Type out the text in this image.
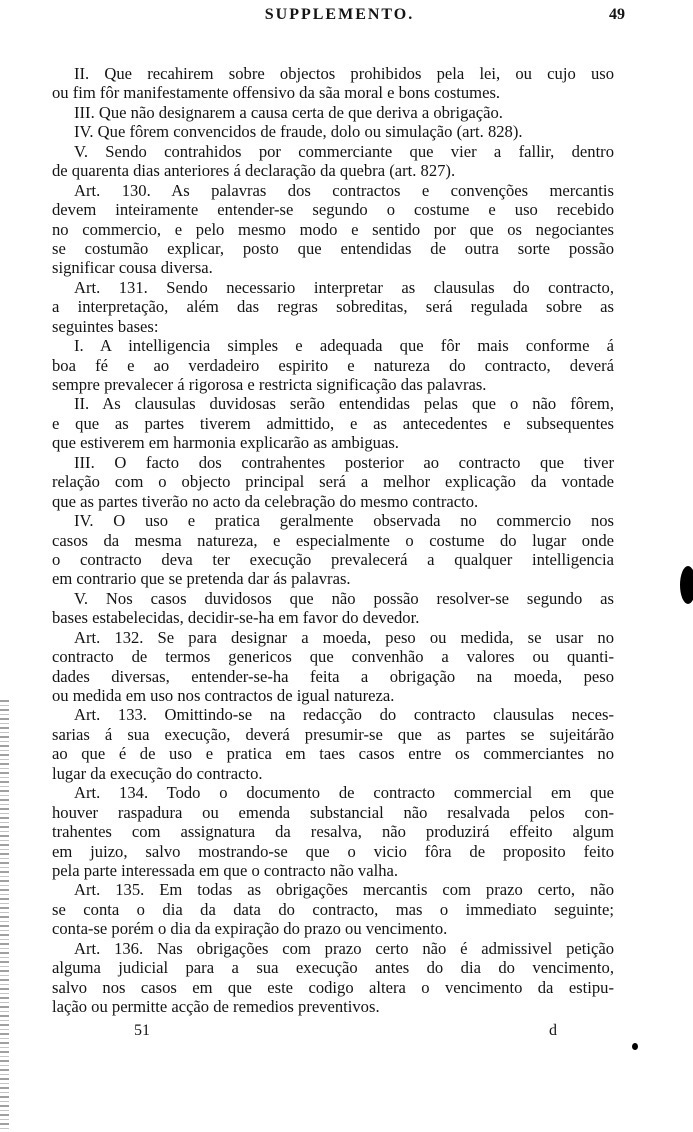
SUPPLEMENTO.	49
II. Que recahirem sobre objectos prohibidos pela lei, ou cujo uso
ou fim fôr manifestamente offensivo da sãa moral e bons costumes.
III. Que não designarem a causa certa de que deriva a obrigação.
IV. Que fôrem convencidos de fraude, dolo ou simulação (art. 828).
V. Sendo contrahidos por commerciante que vier a fallir, dentro
de quarenta dias anteriores á declaração da quebra (art. 827).
Art. 130. As palavras dos contractos e convenções mercantis
devem inteiramente entender-se segundo o costume e uso recebido
no commercio, e pelo mesmo modo e sentido por que os negociantes
se costumão explicar, posto que entendidas de outra sorte possão
significar cousa diversa.
Art. 131. Sendo necessario interpretar as clausulas do contracto,
a interpretação, além das regras sobreditas, será regulada sobre as
seguintes bases:
I. A intelligencia simples e adequada que fôr mais conforme á
boa fé e ao verdadeiro espirito e natureza do contracto, deverá
sempre prevalecer á rigorosa e restricta significação das palavras.
II. As clausulas duvidosas serão entendidas pelas que o não fôrem,
e que as partes tiverem admittido, e as antecedentes e subsequentes
que estiverem em harmonia explicarão as ambiguas.
III. O facto dos contrahentes posterior ao contracto que tiver
relação com o objecto principal será a melhor explicação da vontade
que as partes tiverão no acto da celebração do mesmo contracto.
IV. O uso e pratica geralmente observada no commercio nos
casos da mesma natureza, e especialmente o costume do lugar onde
o contracto deva ter execução prevalecerá a qualquer intelligencia
em contrario que se pretenda dar ás palavras.
V. Nos casos duvidosos que não possão resolver-se segundo as
bases estabelecidas, decidir-se-ha em favor do devedor.
Art. 132. Se para designar a moeda, peso ou medida, se usar no
contracto de termos genericos que convenhão a valores ou quanti-
dades diversas, entender-se-ha feita a obrigação na moeda, peso
ou medida em uso nos contractos de igual natureza.
Art. 133. Omittindo-se na redacção do contracto clausulas neces-
sarias á sua execução, deverá presumir-se que as partes se sujeitárão
ao que é de uso e pratica em taes casos entre os commerciantes no
lugar da execução do contracto.
Art. 134. Todo o documento de contracto commercial em que
houver raspadura ou emenda substancial não resalvada pelos con-
trahentes com assignatura da resalva, não produzirá effeito algum
em juizo, salvo mostrando-se que o vicio fôra de proposito feito
pela parte interessada em que o contracto não valha.
Art. 135. Em todas as obrigações mercantis com prazo certo, não
se conta o dia da data do contracto, mas o immediato seguinte;
conta-se porém o dia da expiração do prazo ou vencimento.
Art. 136. Nas obrigações com prazo certo não é admissivel petição
alguma judicial para a sua execução antes do dia do vencimento,
salvo nos casos em que este codigo altera o vencimento da estipu-
lação ou permitte acção de remedios preventivos.
51	d
